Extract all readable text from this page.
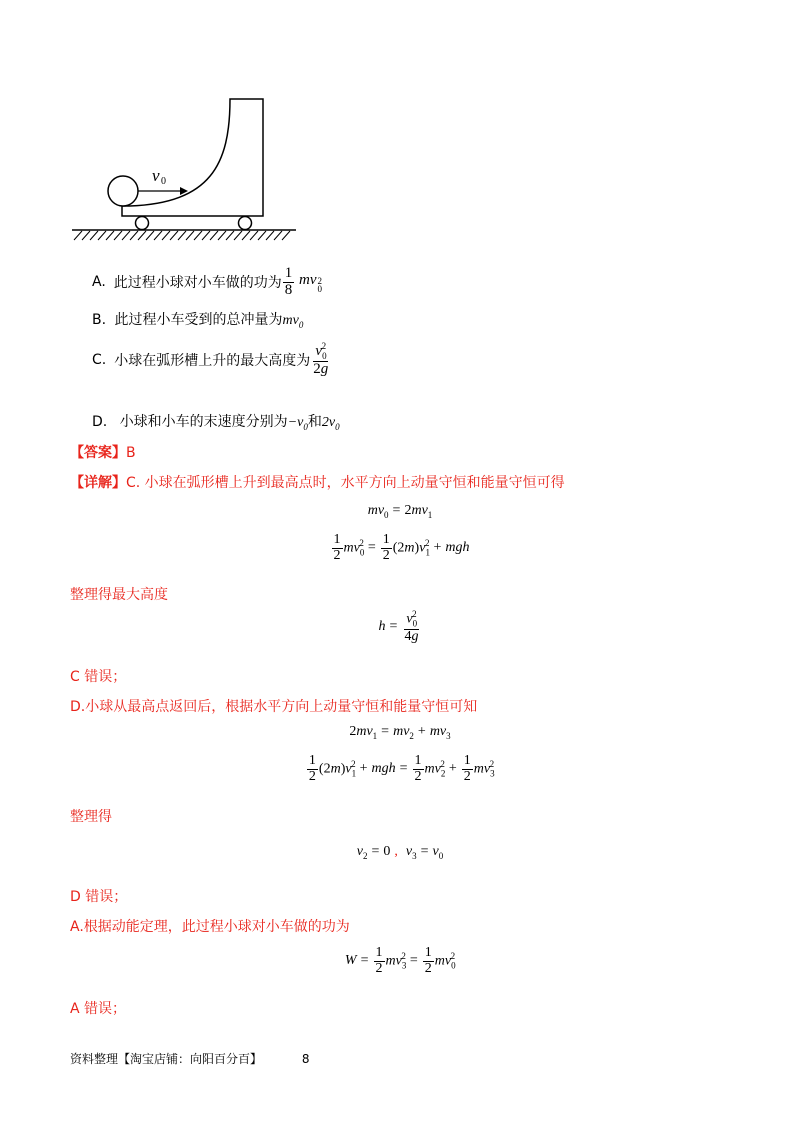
v 0
A. 此过程小球对小车做的功为 $\frac{1}{8}$ mv 2
0
B. 此过程小车受到的总冲量为$mv_0$
C. 小球在弧形槽上升的最大高度为 $\frac{v_0^2}{2g}$
D. 小球和小车的末速度分别为$-v_0$和$2v_0$
【答案】B
【详解】C. 小球在弧形槽上升到最高点时，水平方向上动量守恒和能量守恒可得
$mv_0 = 2mv_1$
$\frac{1}{2} mv_0^2 = \frac{1}{2} (2m)v_1^2$ + mgh
整理得最大高度
$h = \frac{v_0^2}{4g}$
C 错误；
D.小球从最高点返回后，根据水平方向上动量守恒和能量守恒可知
$2mv_1 = mv_2 + mv_3$
$\frac{1}{2} (2m)v_1^2$ + mgh = $\frac{1}{2} mv_2^2 + \frac{1}{2} mv_3^2$
整理得
$v_2 = 0$ , $v_3 = v_0$
D 错误；
A.根据动能定理，此过程小球对小车做的功为
$W = \frac{1}{2} mv_3^2 = \frac{1}{2} mv_0^2$
A 错误；
资料整理【淘宝店铺：向阳百分百】	8
